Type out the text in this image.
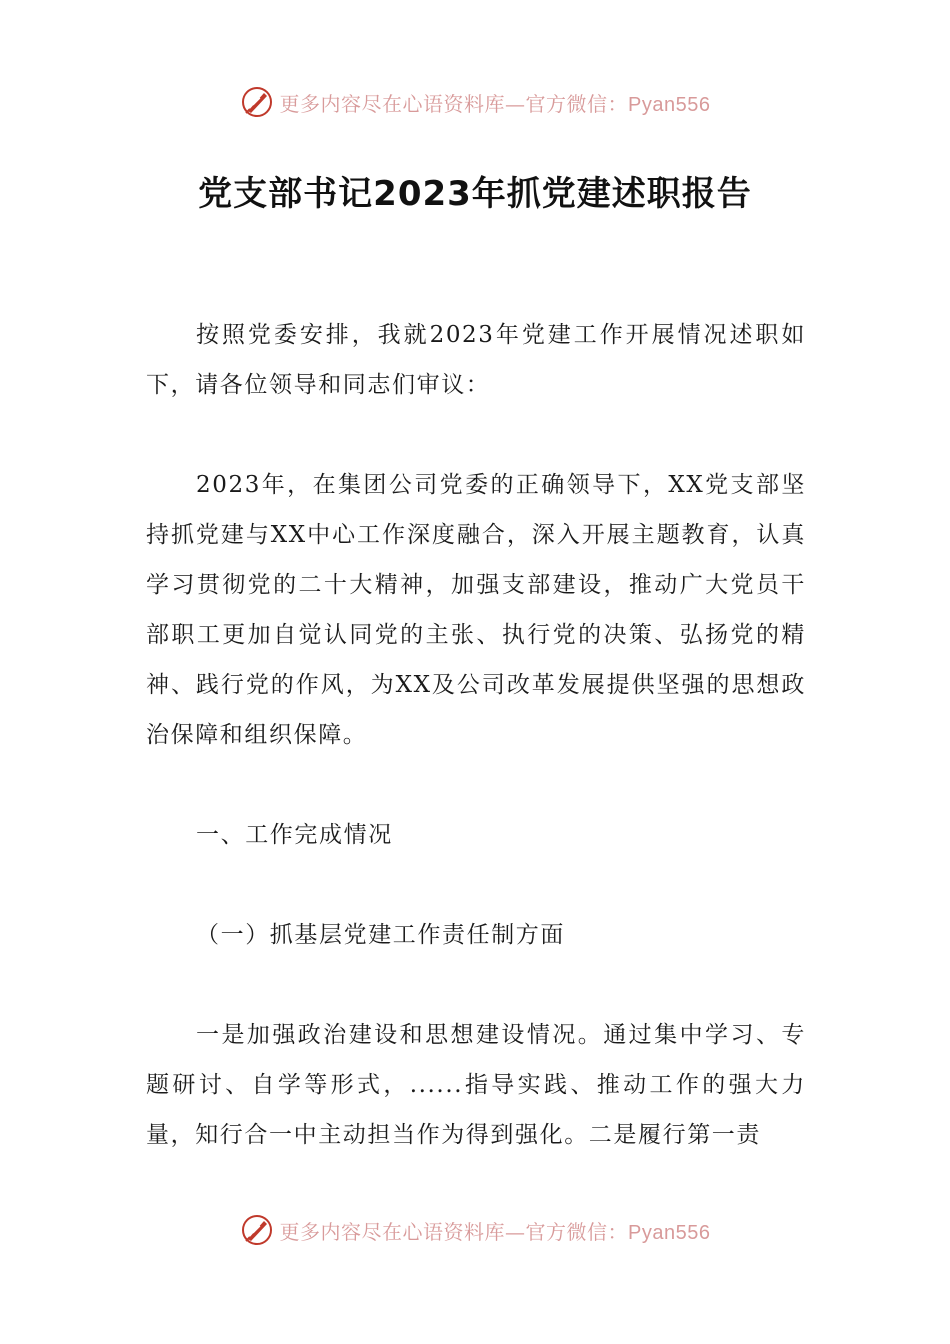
更多内容尽在心语资料库—官方微信：Pyan556
党支部书记2023年抓党建述职报告

按照党委安排，我就2023年党建工作开展情况述职如下，请各位领导和同志们审议：

2023年，在集团公司党委的正确领导下，XX党支部坚持抓党建与XX中心工作深度融合，深入开展主题教育，认真学习贯彻党的二十大精神，加强支部建设，推动广大党员干部职工更加自觉认同党的主张、执行党的决策、弘扬党的精神、践行党的作风，为XX及公司改革发展提供坚强的思想政治保障和组织保障。

一、工作完成情况

（一）抓基层党建工作责任制方面

一是加强政治建设和思想建设情况。通过集中学习、专题研讨、自学等形式，......指导实践、推动工作的强大力量，知行合一中主动担当作为得到强化。二是履行第一责

更多内容尽在心语资料库—官方微信：Pyan556
